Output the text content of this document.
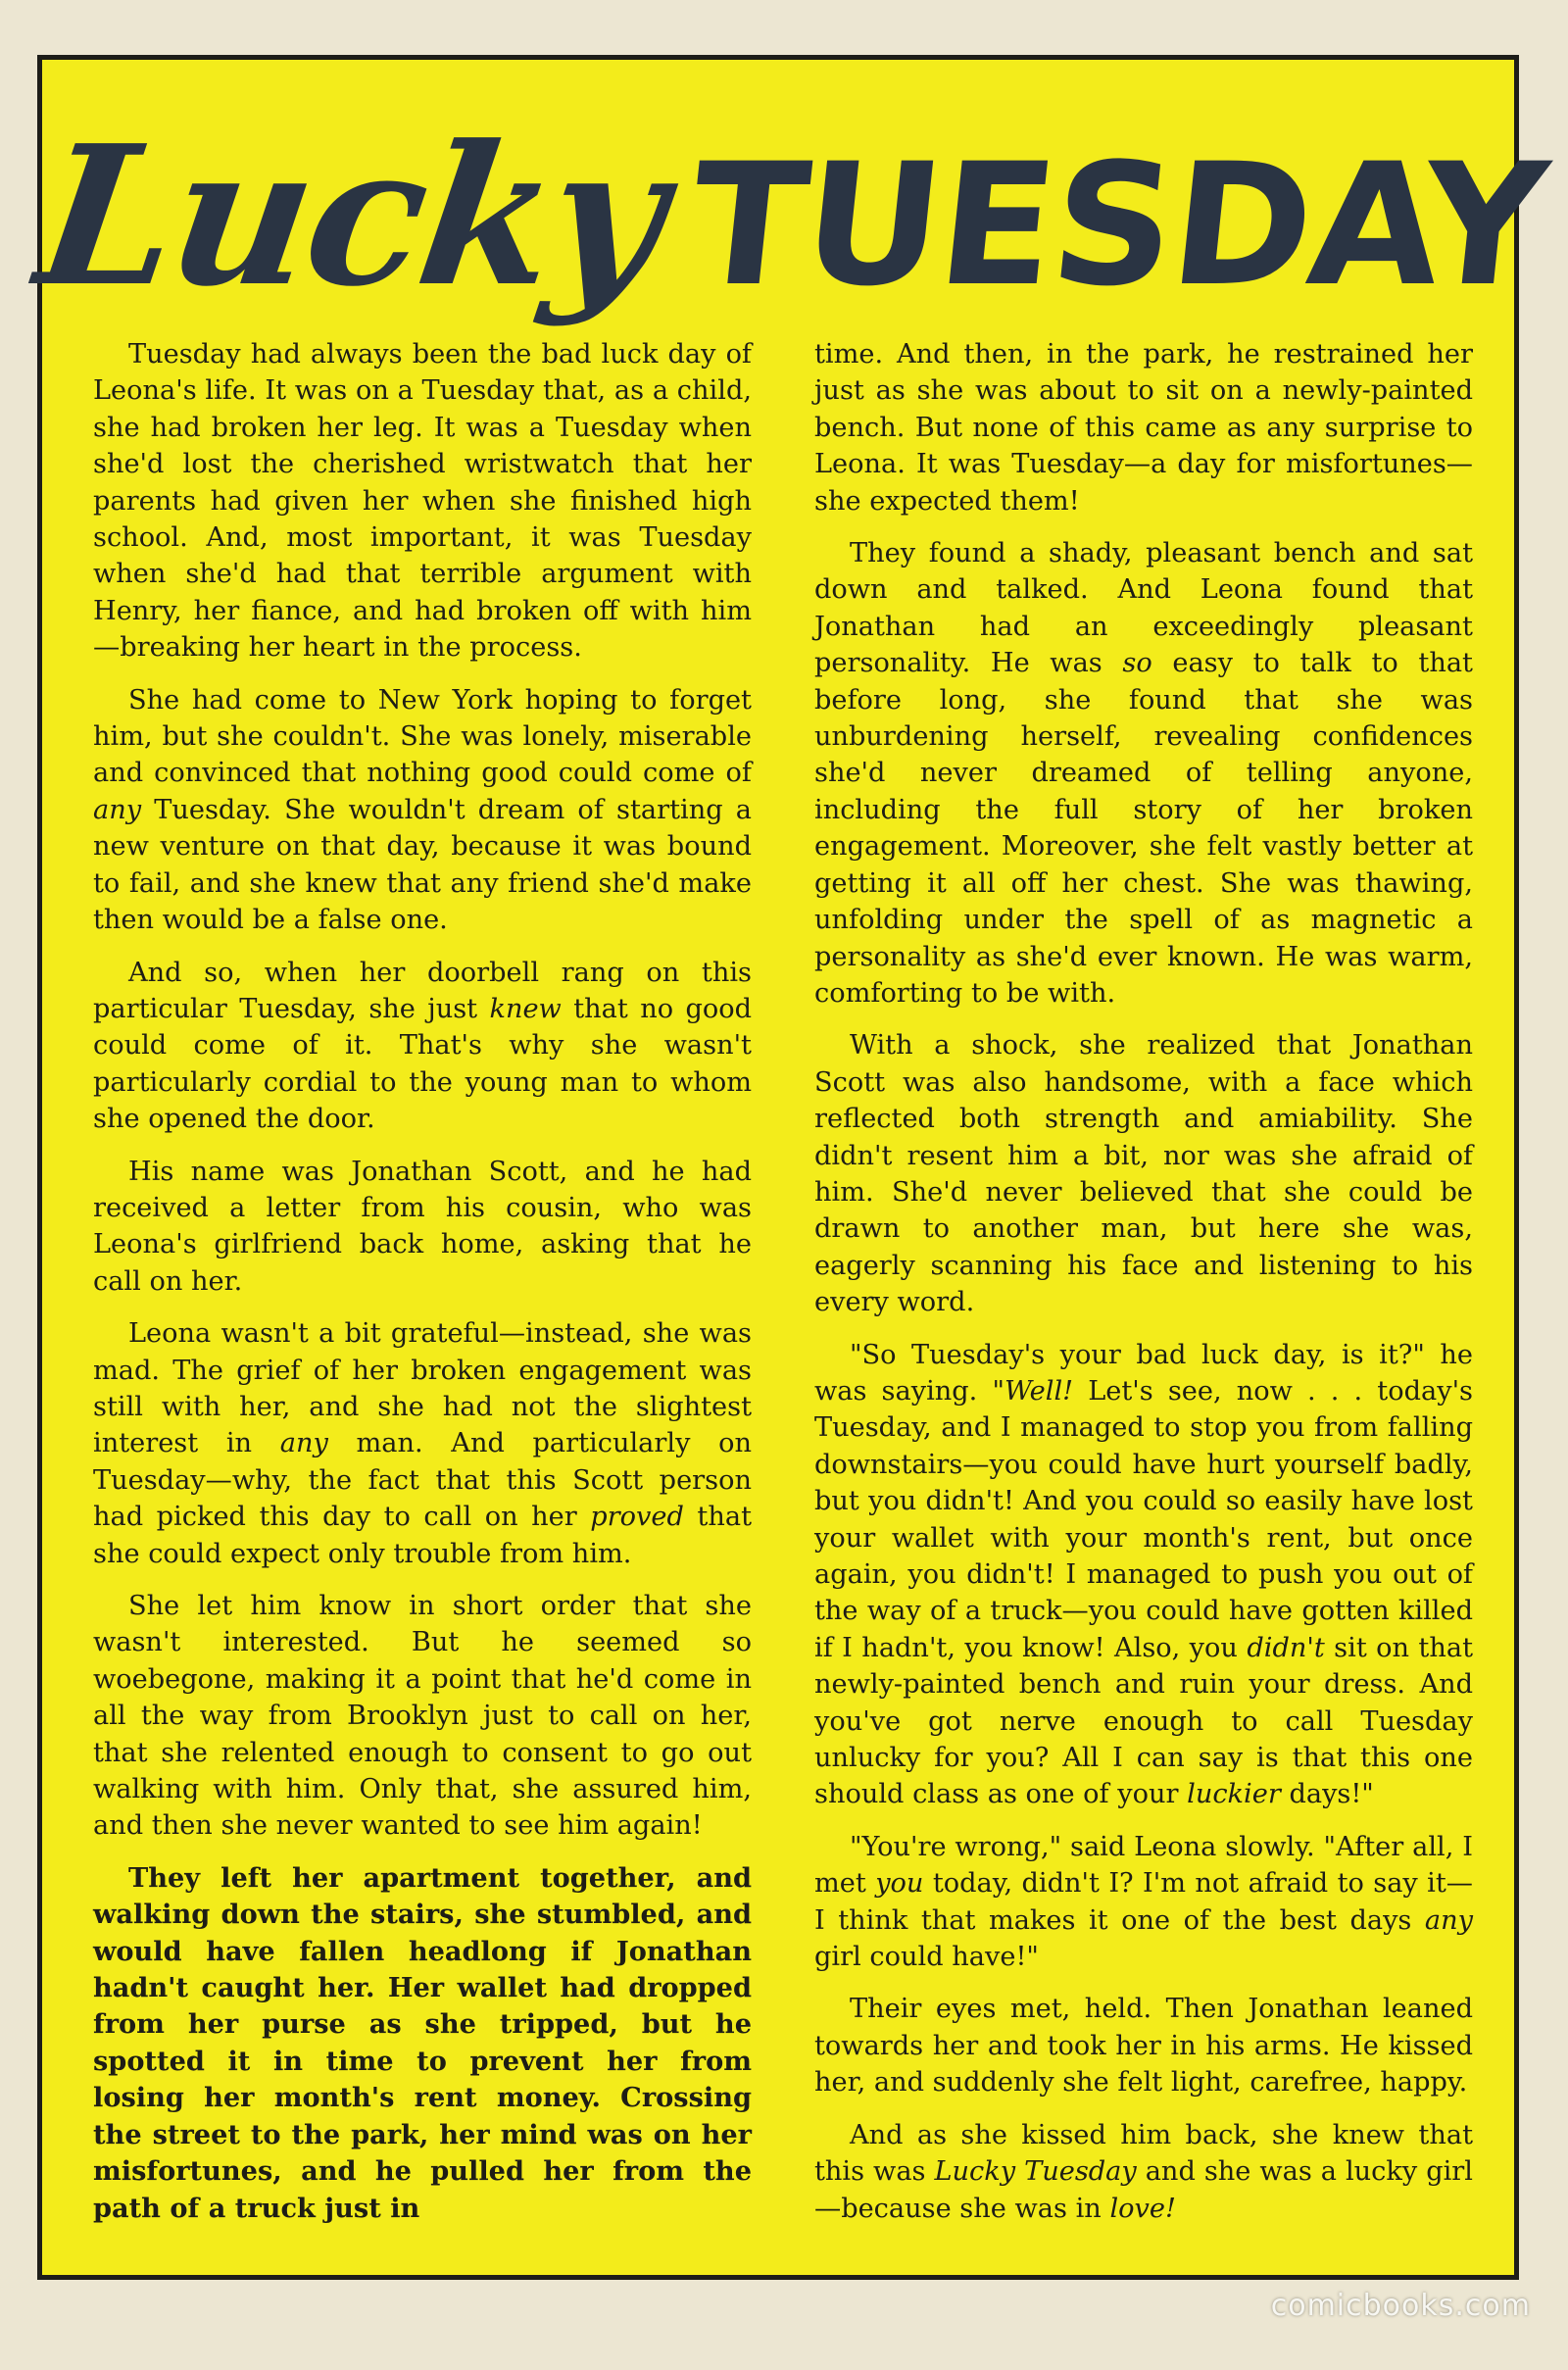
LuckyTUESDAY

Tuesday had always been the bad luck day of Leona's life. It was on a Tuesday that, as a child, she had broken her leg. It was a Tuesday when she'd lost the cherished wristwatch that her parents had given her when she finished high school. And, most important, it was Tuesday when she'd had that terrible argument with Henry, her fiance, and had broken off with him—breaking her heart in the process.

She had come to New York hoping to forget him, but she couldn't. She was lonely, miserable and convinced that nothing good could come of any Tuesday. She wouldn't dream of starting a new venture on that day, because it was bound to fail, and she knew that any friend she'd make then would be a false one.

And so, when her doorbell rang on this particular Tuesday, she just knew that no good could come of it. That's why she wasn't particularly cordial to the young man to whom she opened the door.

His name was Jonathan Scott, and he had received a letter from his cousin, who was Leona's girlfriend back home, asking that he call on her.

Leona wasn't a bit grateful—instead, she was mad. The grief of her broken engagement was still with her, and she had not the slightest interest in any man. And particularly on Tuesday—why, the fact that this Scott person had picked this day to call on her proved that she could expect only trouble from him.

She let him know in short order that she wasn't interested. But he seemed so woebegone, making it a point that he'd come in all the way from Brooklyn just to call on her, that she relented enough to consent to go out walking with him. Only that, she assured him, and then she never wanted to see him again!

They left her apartment together, and walking down the stairs, she stumbled, and would have fallen headlong if Jonathan hadn't caught her. Her wallet had dropped from her purse as she tripped, but he spotted it in time to prevent her from losing her month's rent money. Crossing the street to the park, her mind was on her misfortunes, and he pulled her from the path of a truck just in

time. And then, in the park, he restrained her just as she was about to sit on a newly-painted bench. But none of this came as any surprise to Leona. It was Tuesday—a day for misfortunes—she expected them!

They found a shady, pleasant bench and sat down and talked. And Leona found that Jonathan had an exceedingly pleasant personality. He was so easy to talk to that before long, she found that she was unburdening herself, revealing confidences she'd never dreamed of telling anyone, including the full story of her broken engagement. Moreover, she felt vastly better at getting it all off her chest. She was thawing, unfolding under the spell of as magnetic a personality as she'd ever known. He was warm, comforting to be with.

With a shock, she realized that Jonathan Scott was also handsome, with a face which reflected both strength and amiability. She didn't resent him a bit, nor was she afraid of him. She'd never believed that she could be drawn to another man, but here she was, eagerly scanning his face and listening to his every word.

"So Tuesday's your bad luck day, is it?" he was saying. "Well! Let's see, now . . . today's Tuesday, and I managed to stop you from falling downstairs—you could have hurt yourself badly, but you didn't! And you could so easily have lost your wallet with your month's rent, but once again, you didn't! I managed to push you out of the way of a truck—you could have gotten killed if I hadn't, you know! Also, you didn't sit on that newly-painted bench and ruin your dress. And you've got nerve enough to call Tuesday unlucky for you? All I can say is that this one should class as one of your luckier days!"

"You're wrong," said Leona slowly. "After all, I met you today, didn't I? I'm not afraid to say it—I think that makes it one of the best days any girl could have!"

Their eyes met, held. Then Jonathan leaned towards her and took her in his arms. He kissed her, and suddenly she felt light, carefree, happy.

And as she kissed him back, she knew that this was Lucky Tuesday and she was a lucky girl—because she was in love!

comicbooks.com
